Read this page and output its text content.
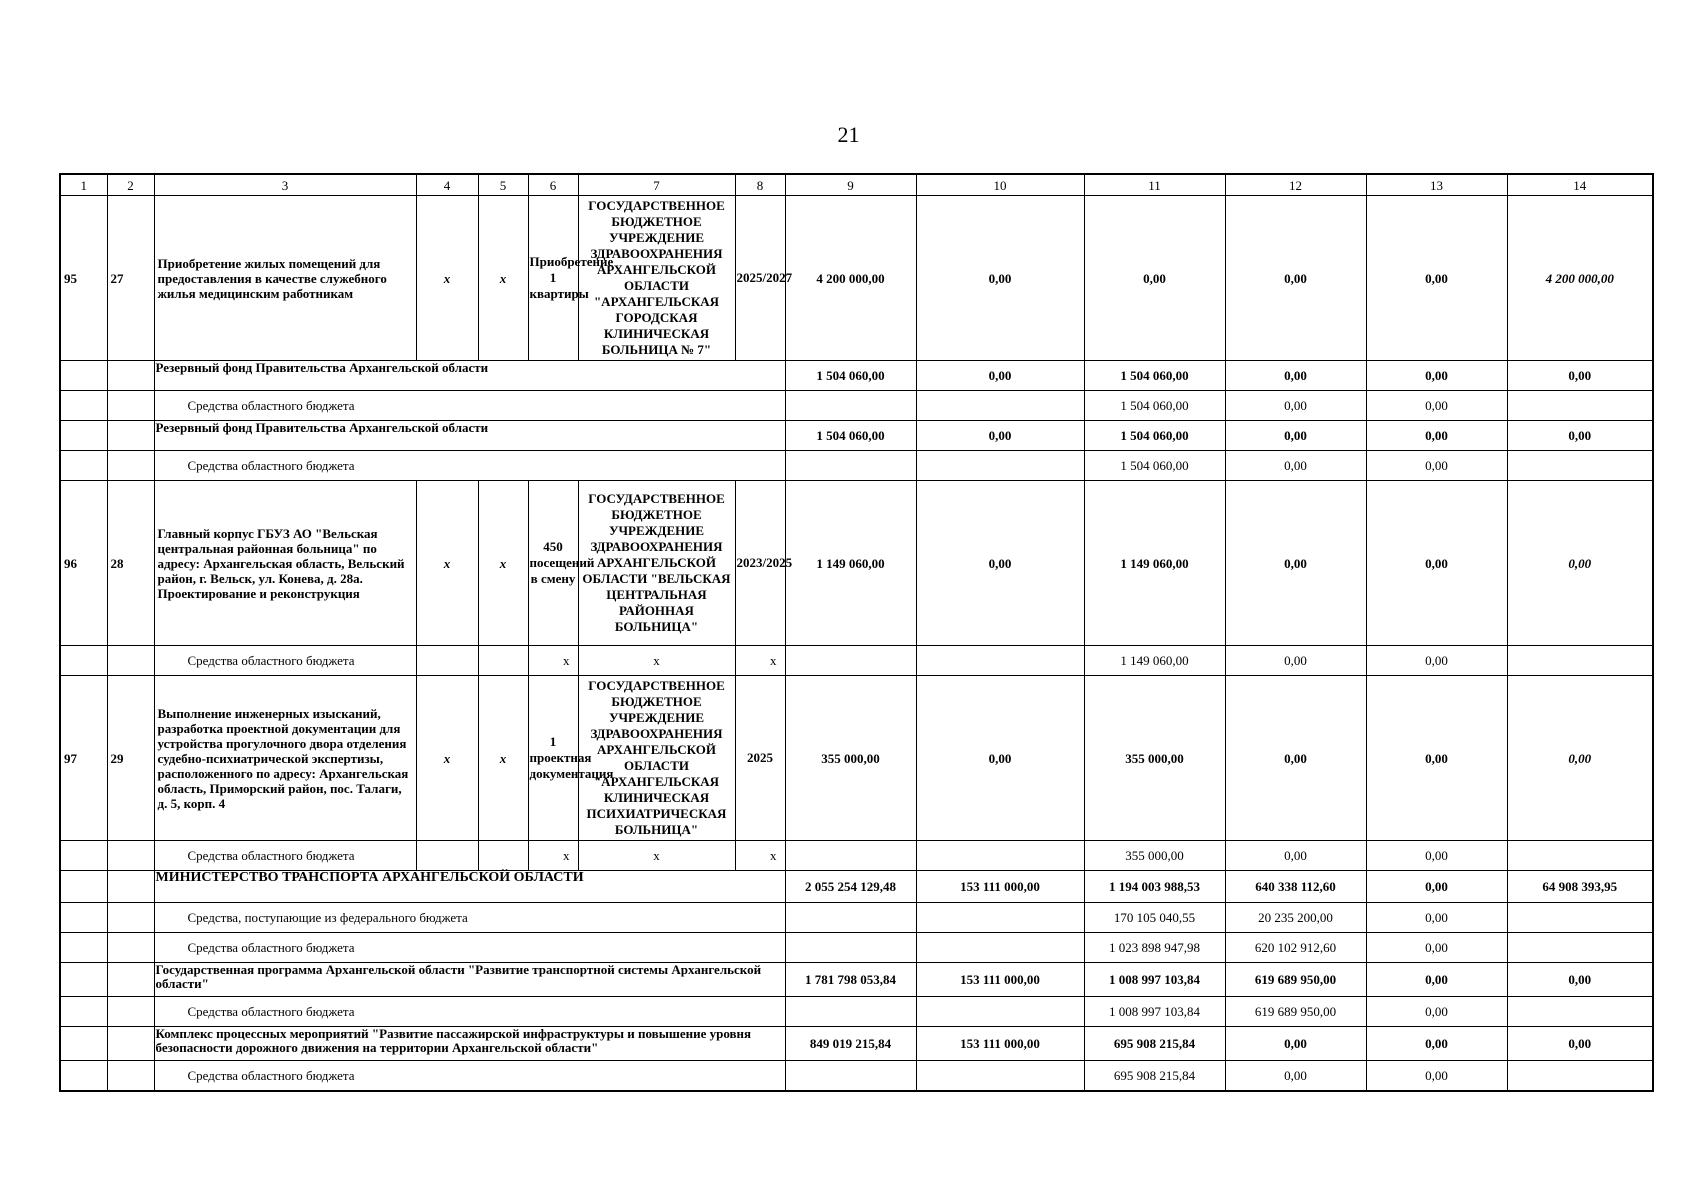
21
1	2	3	4	5	6	7	8	9	10	11	12	13	14
95	27	Приобретение жилых помещений для предоставления в качестве служебного жилья медицинским работникам	x	x	Приобретение 1 квартиры	ГОСУДАРСТВЕННОЕ БЮДЖЕТНОЕ УЧРЕЖДЕНИЕ ЗДРАВООХРАНЕНИЯ АРХАНГЕЛЬСКОЙ ОБЛАСТИ "АРХАНГЕЛЬСКАЯ ГОРОДСКАЯ КЛИНИЧЕСКАЯ БОЛЬНИЦА № 7"	2025/2027	4 200 000,00	0,00	0,00	0,00	0,00	4 200 000,00
		Резервный фонд Правительства Архангельской области						1 504 060,00	0,00	1 504 060,00	0,00	0,00	0,00
		Средства областного бюджета								1 504 060,00	0,00	0,00	
		Резервный фонд Правительства Архангельской области						1 504 060,00	0,00	1 504 060,00	0,00	0,00	0,00
		Средства областного бюджета								1 504 060,00	0,00	0,00	
96	28	Главный корпус ГБУЗ АО "Вельская центральная районная больница" по адресу: Архангельская область, Вельский район, г. Вельск, ул. Конева, д. 28а. Проектирование и реконструкция	x	x	450 посещений в смену	ГОСУДАРСТВЕННОЕ БЮДЖЕТНОЕ УЧРЕЖДЕНИЕ ЗДРАВООХРАНЕНИЯ АРХАНГЕЛЬСКОЙ ОБЛАСТИ "ВЕЛЬСКАЯ ЦЕНТРАЛЬНАЯ РАЙОННАЯ БОЛЬНИЦА"	2023/2025	1 149 060,00	0,00	1 149 060,00	0,00	0,00	0,00
		Средства областного бюджета			x	x	x			1 149 060,00	0,00	0,00	
97	29	Выполнение инженерных изысканий, разработка проектной документации для устройства прогулочного двора отделения судебно-психиатрической экспертизы, расположенного по адресу: Архангельская область, Приморский район, пос. Талаги, д. 5, корп. 4	x	x	1 проектная документация	ГОСУДАРСТВЕННОЕ БЮДЖЕТНОЕ УЧРЕЖДЕНИЕ ЗДРАВООХРАНЕНИЯ АРХАНГЕЛЬСКОЙ ОБЛАСТИ "АРХАНГЕЛЬСКАЯ КЛИНИЧЕСКАЯ ПСИХИАТРИЧЕСКАЯ БОЛЬНИЦА"	2025	355 000,00	0,00	355 000,00	0,00	0,00	0,00
		Средства областного бюджета			x	x	x			355 000,00	0,00	0,00	
		МИНИСТЕРСТВО ТРАНСПОРТА АРХАНГЕЛЬСКОЙ ОБЛАСТИ						2 055 254 129,48	153 111 000,00	1 194 003 988,53	640 338 112,60	0,00	64 908 393,95
		Средства, поступающие из федерального бюджета								170 105 040,55	20 235 200,00	0,00	
		Средства областного бюджета								1 023 898 947,98	620 102 912,60	0,00	
		Государственная программа Архангельской области "Развитие транспортной системы Архангельской области"						1 781 798 053,84	153 111 000,00	1 008 997 103,84	619 689 950,00	0,00	0,00
		Средства областного бюджета								1 008 997 103,84	619 689 950,00	0,00	
		Комплекс процессных мероприятий "Развитие пассажирской инфраструктуры и повышение уровня безопасности дорожного движения на территории Архангельской области"						849 019 215,84	153 111 000,00	695 908 215,84	0,00	0,00	0,00
		Средства областного бюджета								695 908 215,84	0,00	0,00	
